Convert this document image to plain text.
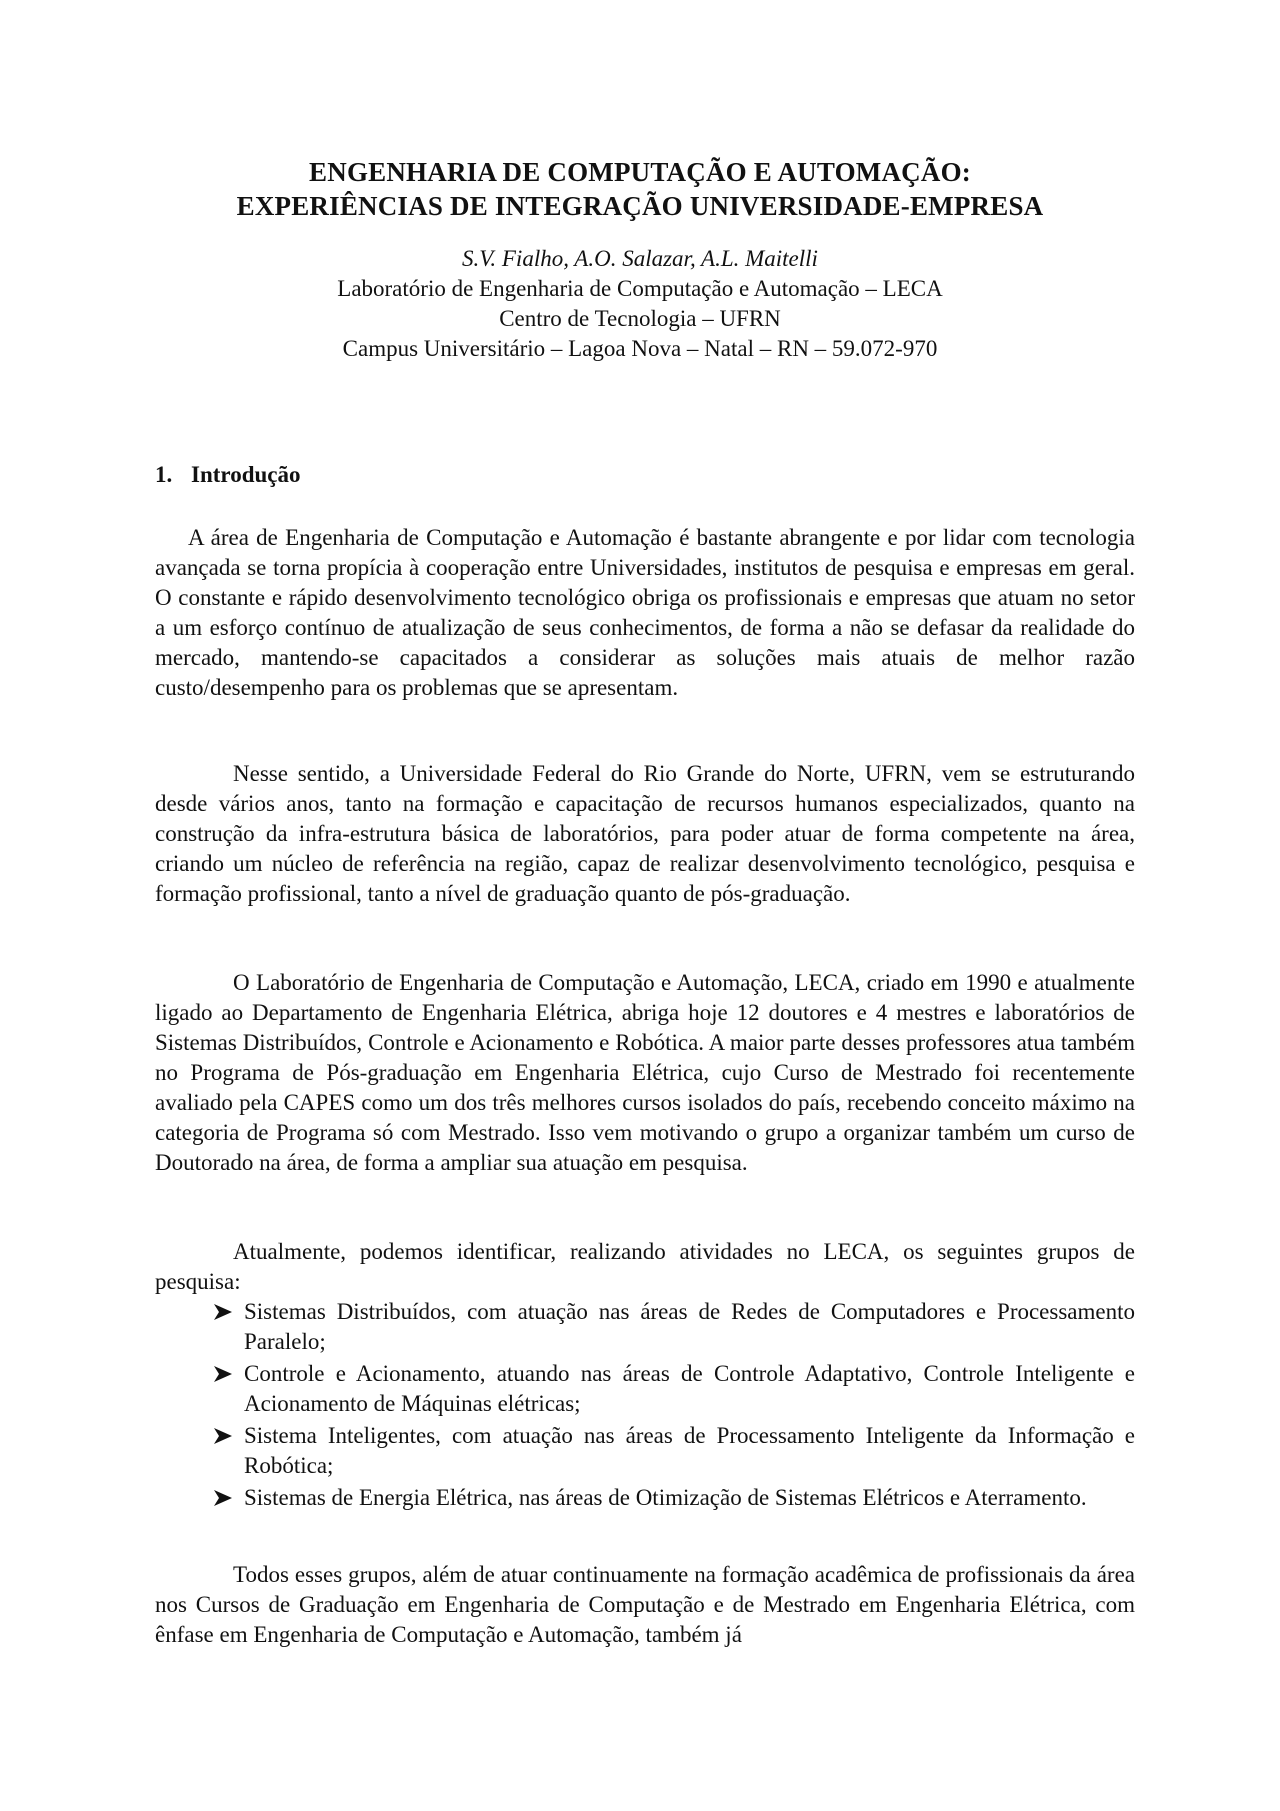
ENGENHARIA DE COMPUTAÇÃO E AUTOMAÇÃO:
EXPERIÊNCIAS DE INTEGRAÇÃO UNIVERSIDADE-EMPRESA
S.V. Fialho, A.O. Salazar, A.L. Maitelli
Laboratório de Engenharia de Computação e Automação – LECA
Centro de Tecnologia – UFRN
Campus Universitário – Lagoa Nova – Natal – RN – 59.072-970
1. Introdução

A área de Engenharia de Computação e Automação é bastante abrangente e por lidar com tecnologia avançada se torna propícia à cooperação entre Universidades, institutos de pesquisa e empresas em geral. O constante e rápido desenvolvimento tecnológico obriga os profissionais e empresas que atuam no setor a um esforço contínuo de atualização de seus conhecimentos, de forma a não se defasar da realidade do mercado, mantendo-se capacitados a considerar as soluções mais atuais de melhor razão custo/desempenho para os problemas que se apresentam.

Nesse sentido, a Universidade Federal do Rio Grande do Norte, UFRN, vem se estruturando desde vários anos, tanto na formação e capacitação de recursos humanos especializados, quanto na construção da infra-estrutura básica de laboratórios, para poder atuar de forma competente na área, criando um núcleo de referência na região, capaz de realizar desenvolvimento tecnológico, pesquisa e formação profissional, tanto a nível de graduação quanto de pós-graduação.

O Laboratório de Engenharia de Computação e Automação, LECA, criado em 1990 e atualmente ligado ao Departamento de Engenharia Elétrica, abriga hoje 12 doutores e 4 mestres e laboratórios de Sistemas Distribuídos, Controle e Acionamento e Robótica. A maior parte desses professores atua também no Programa de Pós-graduação em Engenharia Elétrica, cujo Curso de Mestrado foi recentemente avaliado pela CAPES como um dos três melhores cursos isolados do país, recebendo conceito máximo na categoria de Programa só com Mestrado. Isso vem motivando o grupo a organizar também um curso de Doutorado na área, de forma a ampliar sua atuação em pesquisa.

Atualmente, podemos identificar, realizando atividades no LECA, os seguintes grupos de pesquisa:

Sistemas Distribuídos, com atuação nas áreas de Redes de Computadores e Processamento Paralelo;
Controle e Acionamento, atuando nas áreas de Controle Adaptativo, Controle Inteligente e Acionamento de Máquinas elétricas;
Sistema Inteligentes, com atuação nas áreas de Processamento Inteligente da Informação e Robótica;
Sistemas de Energia Elétrica, nas áreas de Otimização de Sistemas Elétricos e Aterramento.

Todos esses grupos, além de atuar continuamente na formação acadêmica de profissionais da área nos Cursos de Graduação em Engenharia de Computação e de Mestrado em Engenharia Elétrica, com ênfase em Engenharia de Computação e Automação, também já
